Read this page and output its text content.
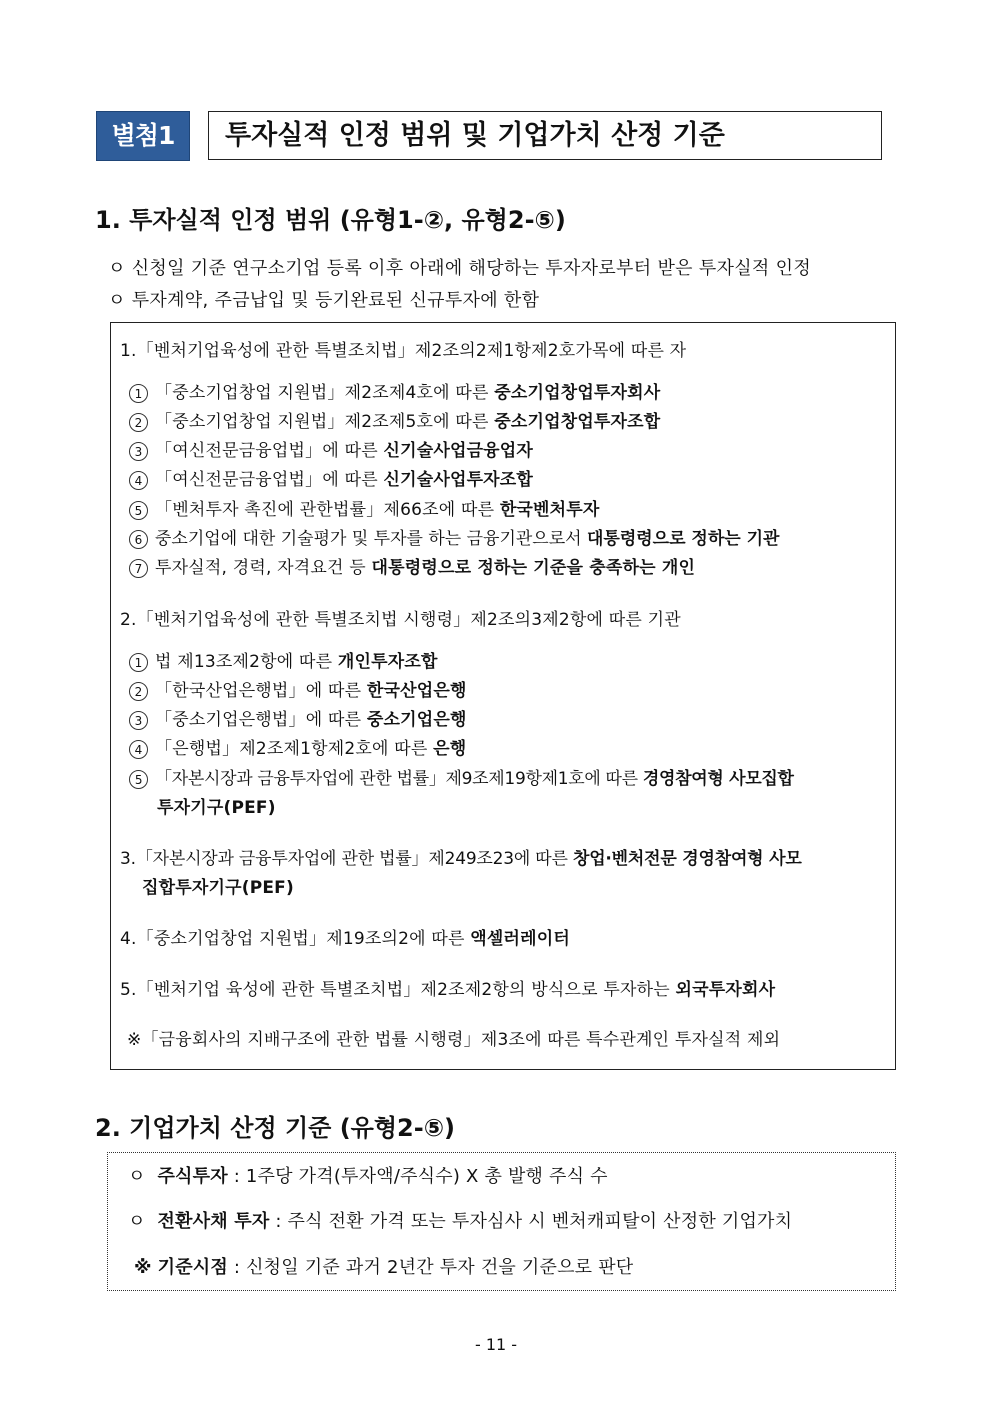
별첨1	투자실적 인정 범위 및 기업가치 산정 기준
1. 투자실적 인정 범위 (유형1-②, 유형2-⑤)
ㅇ 신청일 기준 연구소기업 등록 이후 아래에 해당하는 투자자로부터 받은 투자실적 인정
ㅇ 투자계약, 주금납입 및 등기완료된 신규투자에 한함
1.「벤처기업육성에 관한 특별조치법」제2조의2제1항제2호가목에 따른 자
1 「중소기업창업 지원법」제2조제4호에 따른 중소기업창업투자회사
2 「중소기업창업 지원법」제2조제5호에 따른 중소기업창업투자조합
3 「여신전문금융업법」에 따른 신기술사업금융업자
4 「여신전문금융업법」에 따른 신기술사업투자조합
5 「벤처투자 촉진에 관한법률」제66조에 따른 한국벤처투자
6 중소기업에 대한 기술평가 및 투자를 하는 금융기관으로서 대통령령으로 정하는 기관
7 투자실적, 경력, 자격요건 등 대통령령으로 정하는 기준을 충족하는 개인
2.「벤처기업육성에 관한 특별조치법 시행령」제2조의3제2항에 따른 기관
1 법 제13조제2항에 따른 개인투자조합
2 「한국산업은행법」에 따른 한국산업은행
3 「중소기업은행법」에 따른 중소기업은행
4 「은행법」제2조제1항제2호에 따른 은행
5 「자본시장과 금융투자업에 관한 법률」제9조제19항제1호에 따른 경영참여형 사모집합
투자기구(PEF)
3.「자본시장과 금융투자업에 관한 법률」제249조23에 따른 창업·벤처전문 경영참여형 사모
집합투자기구(PEF)
4.「중소기업창업 지원법」제19조의2에 따른 액셀러레이터
5.「벤처기업 육성에 관한 특별조치법」제2조제2항의 방식으로 투자하는 외국투자회사
※「금융회사의 지배구조에 관한 법률 시행령」제3조에 따른 특수관계인 투자실적 제외
2. 기업가치 산정 기준 (유형2-⑤)
ㅇ 주식투자 : 1주당 가격(투자액/주식수) X 총 발행 주식 수
ㅇ 전환사채 투자 : 주식 전환 가격 또는 투자심사 시 벤처캐피탈이 산정한 기업가치
※ 기준시점 : 신청일 기준 과거 2년간 투자 건을 기준으로 판단
- 11 -
